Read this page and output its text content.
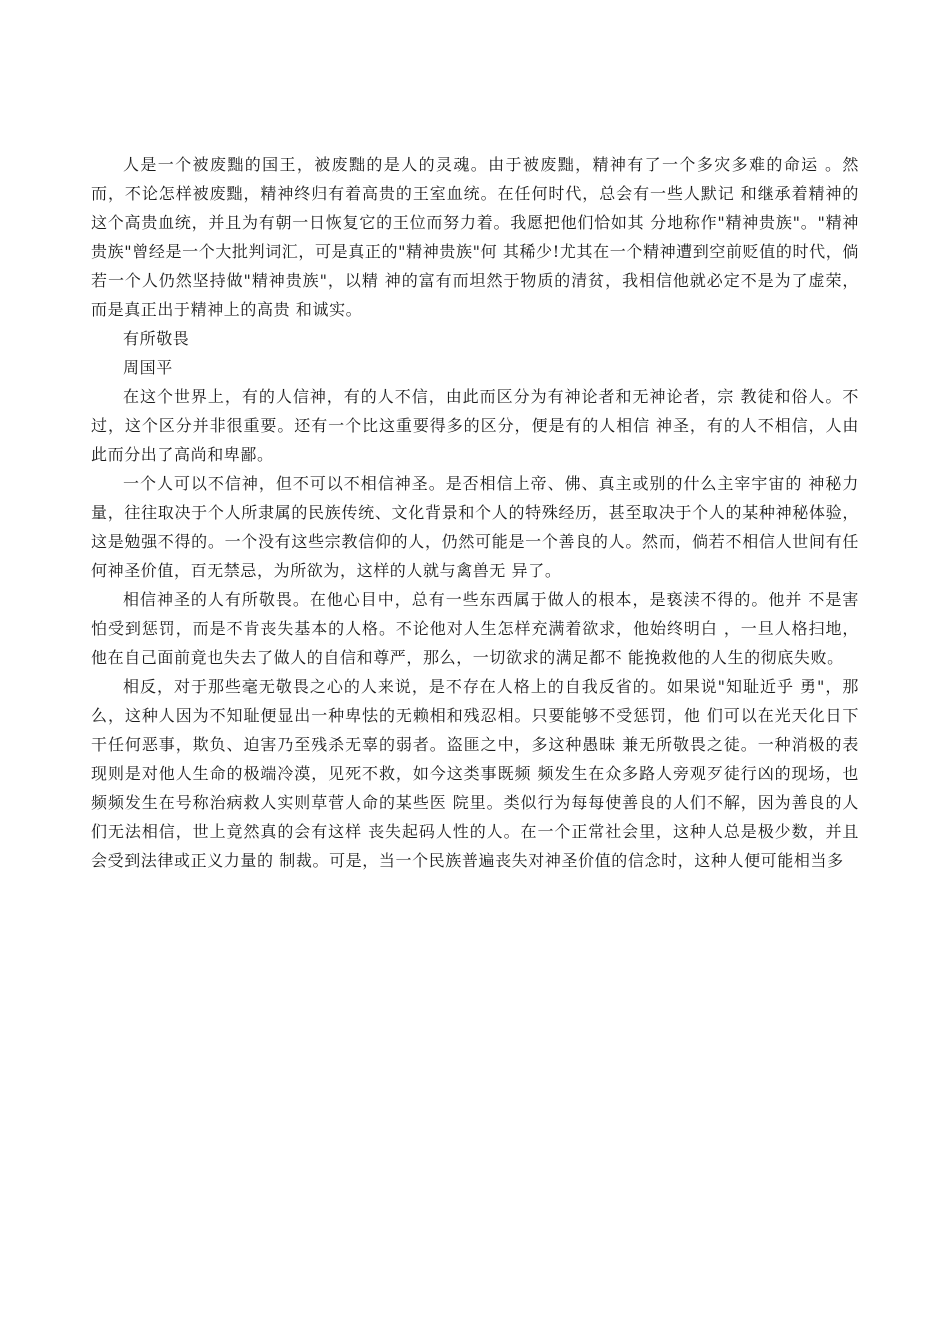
人是一个被废黜的国王，被废黜的是人的灵魂。由于被废黜，精神有了一个多灾多难的命运 。然而，不论怎样被废黜，精神终归有着高贵的王室血统。在任何时代，总会有一些人默记 和继承着精神的这个高贵血统，并且为有朝一日恢复它的王位而努力着。我愿把他们恰如其 分地称作"精神贵族"。"精神贵族"曾经是一个大批判词汇，可是真正的"精神贵族"何 其稀少!尤其在一个精神遭到空前贬值的时代，倘若一个人仍然坚持做"精神贵族"，以精 神的富有而坦然于物质的清贫，我相信他就必定不是为了虚荣，而是真正出于精神上的高贵 和诚实。

有所敬畏

周国平

在这个世界上，有的人信神，有的人不信，由此而区分为有神论者和无神论者，宗 教徒和俗人。不过，这个区分并非很重要。还有一个比这重要得多的区分，便是有的人相信 神圣，有的人不相信，人由此而分出了高尚和卑鄙。

一个人可以不信神，但不可以不相信神圣。是否相信上帝、佛、真主或别的什么主宰宇宙的 神秘力量，往往取决于个人所隶属的民族传统、文化背景和个人的特殊经历，甚至取决于个人的某种神秘体验，这是勉强不得的。一个没有这些宗教信仰的人，仍然可能是一个善良的人。然而，倘若不相信人世间有任何神圣价值，百无禁忌，为所欲为，这样的人就与禽兽无 异了。

相信神圣的人有所敬畏。在他心目中，总有一些东西属于做人的根本，是亵渎不得的。他并 不是害怕受到惩罚，而是不肯丧失基本的人格。不论他对人生怎样充满着欲求，他始终明白 ，一旦人格扫地，他在自己面前竟也失去了做人的自信和尊严，那么，一切欲求的满足都不 能挽救他的人生的彻底失败。

相反，对于那些毫无敬畏之心的人来说，是不存在人格上的自我反省的。如果说"知耻近乎 勇"，那么，这种人因为不知耻便显出一种卑怯的无赖相和残忍相。只要能够不受惩罚，他 们可以在光天化日下干任何恶事，欺负、迫害乃至残杀无辜的弱者。盗匪之中，多这种愚昧 兼无所敬畏之徒。一种消极的表现则是对他人生命的极端冷漠，见死不救，如今这类事既频 频发生在众多路人旁观歹徒行凶的现场，也频频发生在号称治病救人实则草菅人命的某些医 院里。类似行为每每使善良的人们不解，因为善良的人们无法相信，世上竟然真的会有这样 丧失起码人性的人。在一个正常社会里，这种人总是极少数，并且会受到法律或正义力量的 制裁。可是，当一个民族普遍丧失对神圣价值的信念时，这种人便可能相当多
